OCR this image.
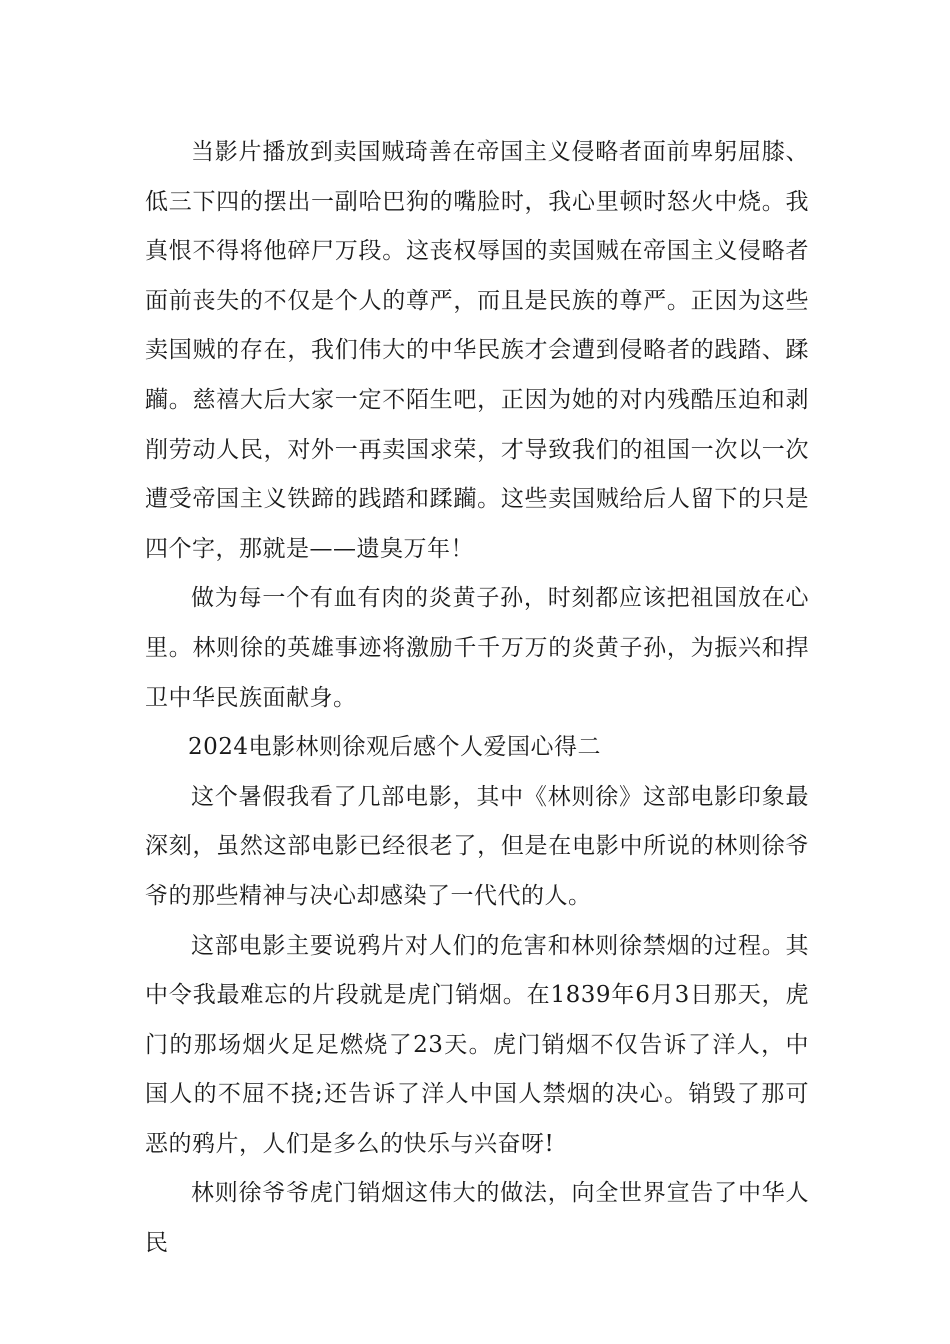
当影片播放到卖国贼琦善在帝国主义侵略者面前卑躬屈膝、低三下四的摆出一副哈巴狗的嘴脸时，我心里顿时怒火中烧。我真恨不得将他碎尸万段。这丧权辱国的卖国贼在帝国主义侵略者面前丧失的不仅是个人的尊严，而且是民族的尊严。正因为这些卖国贼的存在，我们伟大的中华民族才会遭到侵略者的践踏、蹂躏。慈禧大后大家一定不陌生吧，正因为她的对内残酷压迫和剥削劳动人民，对外一再卖国求荣，才导致我们的祖国一次以一次遭受帝国主义铁蹄的践踏和蹂躏。这些卖国贼给后人留下的只是四个字，那就是——遗臭万年！

做为每一个有血有肉的炎黄子孙，时刻都应该把祖国放在心里。林则徐的英雄事迹将激励千千万万的炎黄子孙，为振兴和捍卫中华民族面献身。

2024电影林则徐观后感个人爱国心得二

这个暑假我看了几部电影，其中《林则徐》这部电影印象最深刻，虽然这部电影已经很老了，但是在电影中所说的林则徐爷爷的那些精神与决心却感染了一代代的人。

这部电影主要说鸦片对人们的危害和林则徐禁烟的过程。其中令我最难忘的片段就是虎门销烟。在1839年6月3日那天，虎门的那场烟火足足燃烧了23天。虎门销烟不仅告诉了洋人，中国人的不屈不挠;还告诉了洋人中国人禁烟的决心。销毁了那可恶的鸦片，人们是多么的快乐与兴奋呀!

林则徐爷爷虎门销烟这伟大的做法，向全世界宣告了中华人民
